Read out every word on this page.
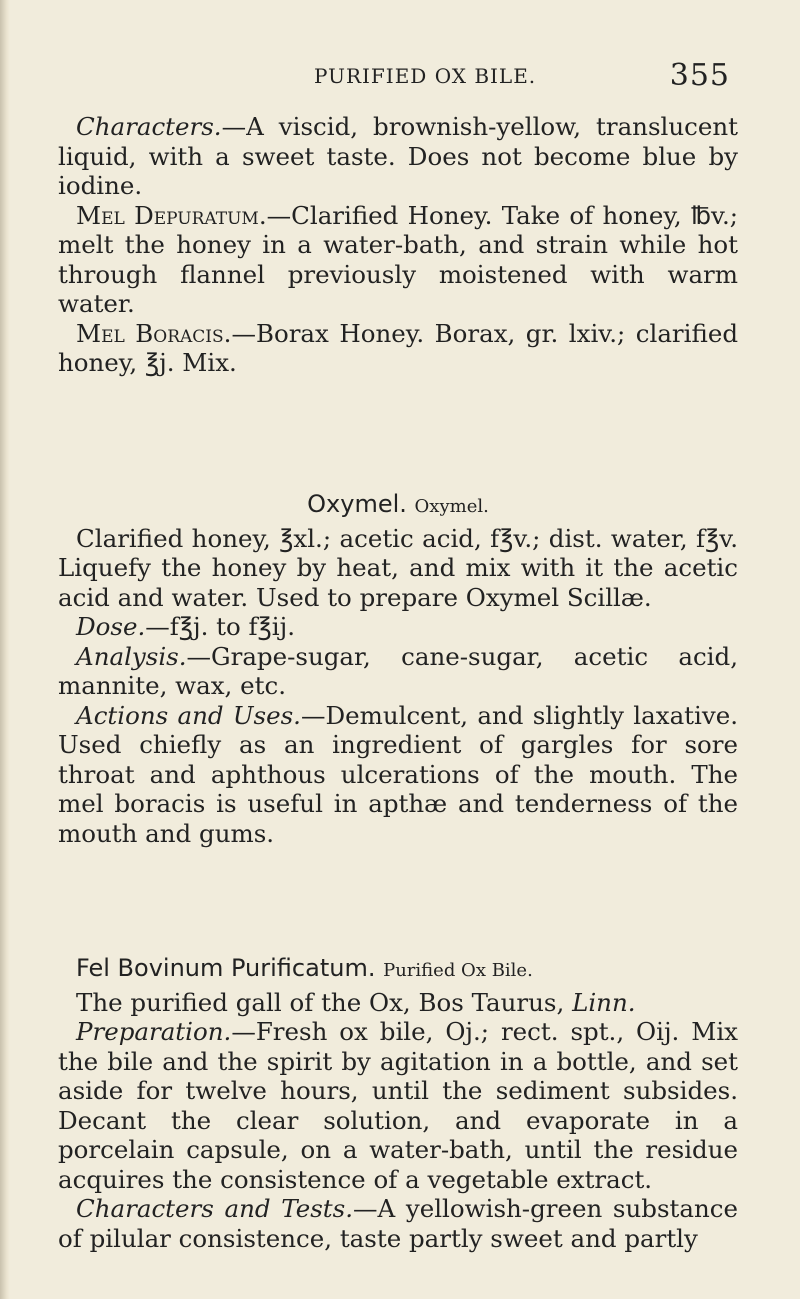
PURIFIED OX BILE.	355

Characters.—A viscid, brownish-yellow, translucent liquid, with a sweet taste. Does not become blue by iodine.

Mel Depuratum.—Clarified Honey. Take of honey, ℔v.; melt the honey in a water-bath, and strain while hot through flannel previously moistened with warm water.

Mel Boracis.—Borax Honey. Borax, gr. lxiv.; clarified honey, ℥j. Mix.

Oxymel. Oxymel.

Clarified honey, ℥xl.; acetic acid, f℥v.; dist. water, f℥v. Liquefy the honey by heat, and mix with it the acetic acid and water. Used to prepare Oxymel Scillæ.

Dose.—f℥j. to f℥ij.

Analysis.—Grape-sugar, cane-sugar, acetic acid, mannite, wax, etc.

Actions and Uses.—Demulcent, and slightly laxative. Used chiefly as an ingredient of gargles for sore throat and aphthous ulcerations of the mouth. The mel boracis is useful in apthæ and tenderness of the mouth and gums.

Fel Bovinum Purificatum. Purified Ox Bile.

The purified gall of the Ox, Bos Taurus, Linn.

Preparation.—Fresh ox bile, Oj.; rect. spt., Oij. Mix the bile and the spirit by agitation in a bottle, and set aside for twelve hours, until the sediment subsides. Decant the clear solution, and evaporate in a porcelain capsule, on a water-bath, until the residue acquires the consistence of a vegetable extract.

Characters and Tests.—A yellowish-green substance of pilular consistence, taste partly sweet and partly
